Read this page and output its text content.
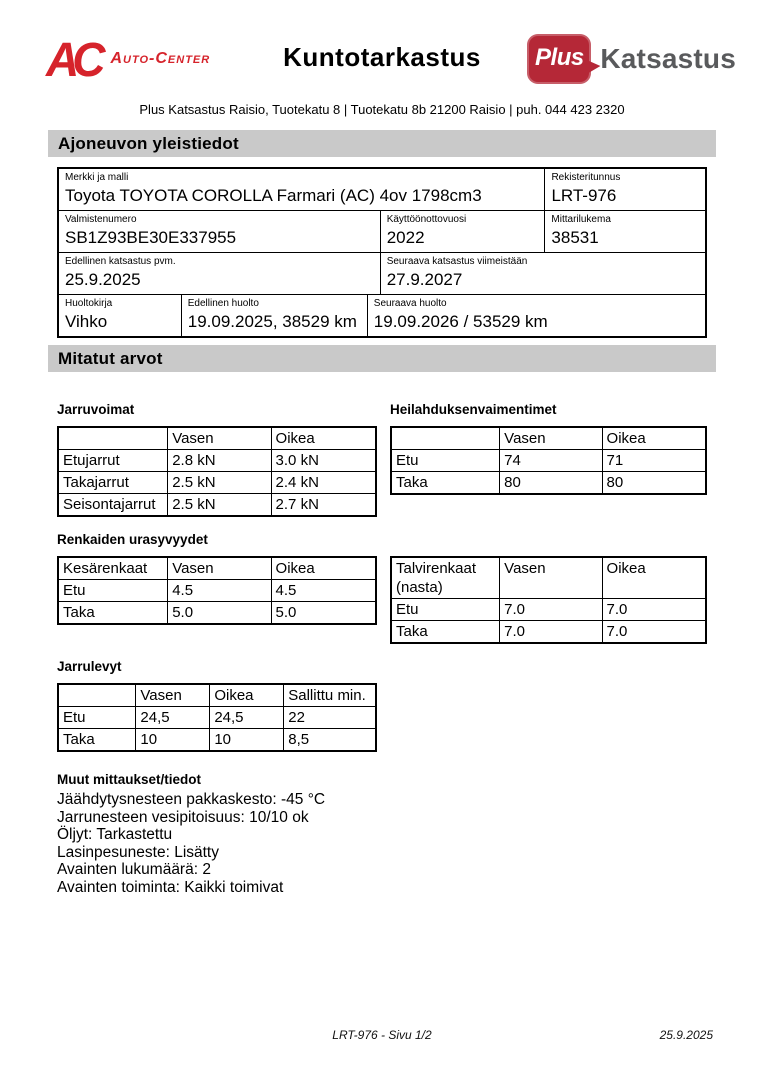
AC Auto-Center	Kuntotarkastus	Plus Katsastus
Plus Katsastus Raisio, Tuotekatu 8 | Tuotekatu 8b 21200 Raisio | puh. 044 423 2320
Ajoneuvon yleistiedot
Merkki ja malli
Toyota TOYOTA COROLLA Farmari (AC) 4ov 1798cm3
Rekisteritunnus
LRT-976
Valmistenumero
SB1Z93BE30E337955
Käyttöönottovuosi
2022
Mittarilukema
38531
Edellinen katsastus pvm.
25.9.2025
Seuraava katsastus viimeistään
27.9.2027
Huoltokirja
Vihko
Edellinen huolto
19.09.2025, 38529 km
Seuraava huolto
19.09.2026 / 53529 km
Mitatut arvot
Jarruvoimat
	Vasen	Oikea
Etujarrut	2.8 kN	3.0 kN
Takajarrut	2.5 kN	2.4 kN
Seisontajarrut	2.5 kN	2.7 kN
Heilahduksenvaimentimet
	Vasen	Oikea
Etu	74	71
Taka	80	80
Renkaiden urasyvyydet
Kesärenkaat	Vasen	Oikea
Etu	4.5	4.5
Taka	5.0	5.0
Talvirenkaat (nasta)	Vasen	Oikea
Etu	7.0	7.0
Taka	7.0	7.0
Jarrulevyt
	Vasen	Oikea	Sallittu min.
Etu	24,5	24,5	22
Taka	10	10	8,5
Muut mittaukset/tiedot
Jäähdytysnesteen pakkaskesto: -45 °C
Jarrunesteen vesipitoisuus: 10/10 ok
Öljyt: Tarkastettu
Lasinpesuneste: Lisätty
Avainten lukumäärä: 2
Avainten toiminta: Kaikki toimivat
LRT-976 - Sivu 1/2	25.9.2025
